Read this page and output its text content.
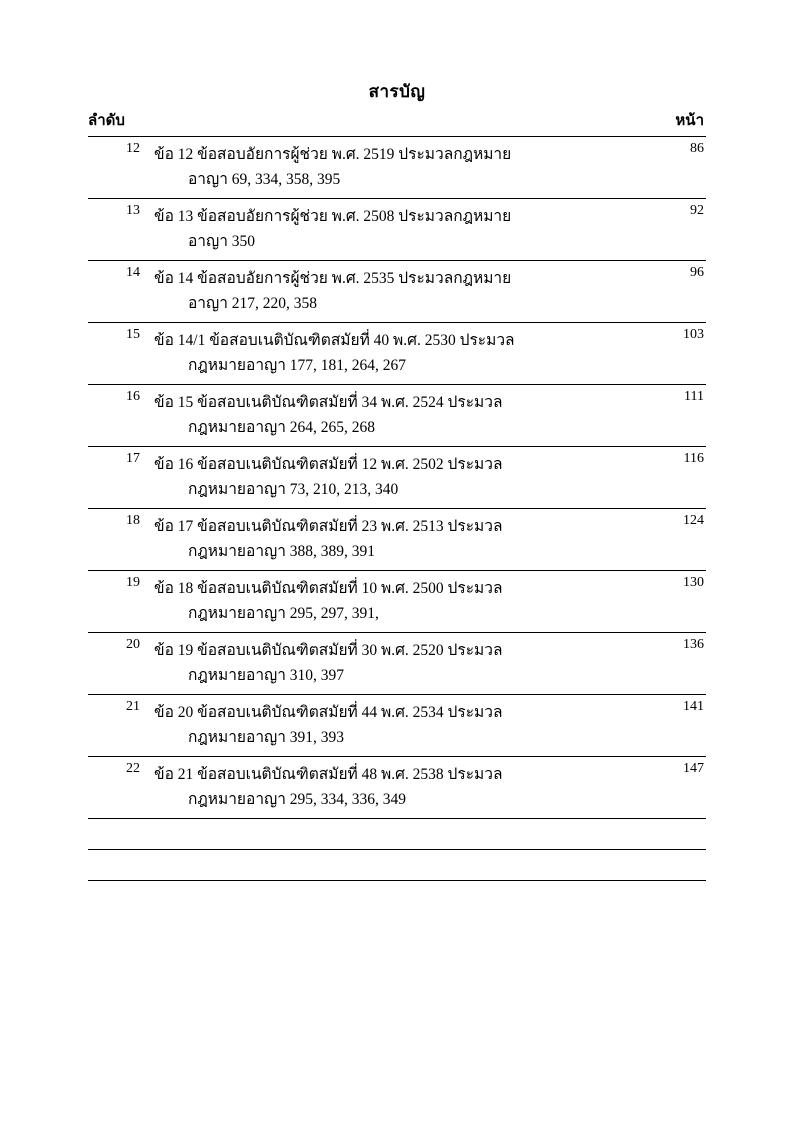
สารบัญ
ลำดับ	หน้า
12 ข้อ 12 ข้อสอบอัยการผู้ช่วย พ.ศ. 2519 ประมวลกฎหมาย
อาญา 69, 334, 358, 395
86
13 ข้อ 13 ข้อสอบอัยการผู้ช่วย พ.ศ. 2508 ประมวลกฎหมาย
อาญา 350
92
14 ข้อ 14 ข้อสอบอัยการผู้ช่วย พ.ศ. 2535 ประมวลกฎหมาย
อาญา 217, 220, 358
96
15 ข้อ 14/1 ข้อสอบเนติบัณฑิตสมัยที่ 40 พ.ศ. 2530 ประมวล
กฎหมายอาญา 177, 181, 264, 267
103
16 ข้อ 15 ข้อสอบเนติบัณฑิตสมัยที่ 34 พ.ศ. 2524 ประมวล
กฎหมายอาญา 264, 265, 268
111
17 ข้อ 16 ข้อสอบเนติบัณฑิตสมัยที่ 12 พ.ศ. 2502 ประมวล
กฎหมายอาญา 73, 210, 213, 340
116
18 ข้อ 17 ข้อสอบเนติบัณฑิตสมัยที่ 23 พ.ศ. 2513 ประมวล
กฎหมายอาญา 388, 389, 391
124
19 ข้อ 18 ข้อสอบเนติบัณฑิตสมัยที่ 10 พ.ศ. 2500 ประมวล
กฎหมายอาญา 295, 297, 391,
130
20 ข้อ 19 ข้อสอบเนติบัณฑิตสมัยที่ 30 พ.ศ. 2520 ประมวล
กฎหมายอาญา 310, 397
136
21 ข้อ 20 ข้อสอบเนติบัณฑิตสมัยที่ 44 พ.ศ. 2534 ประมวล
กฎหมายอาญา 391, 393
141
22 ข้อ 21 ข้อสอบเนติบัณฑิตสมัยที่ 48 พ.ศ. 2538 ประมวล
กฎหมายอาญา 295, 334, 336, 349
147
